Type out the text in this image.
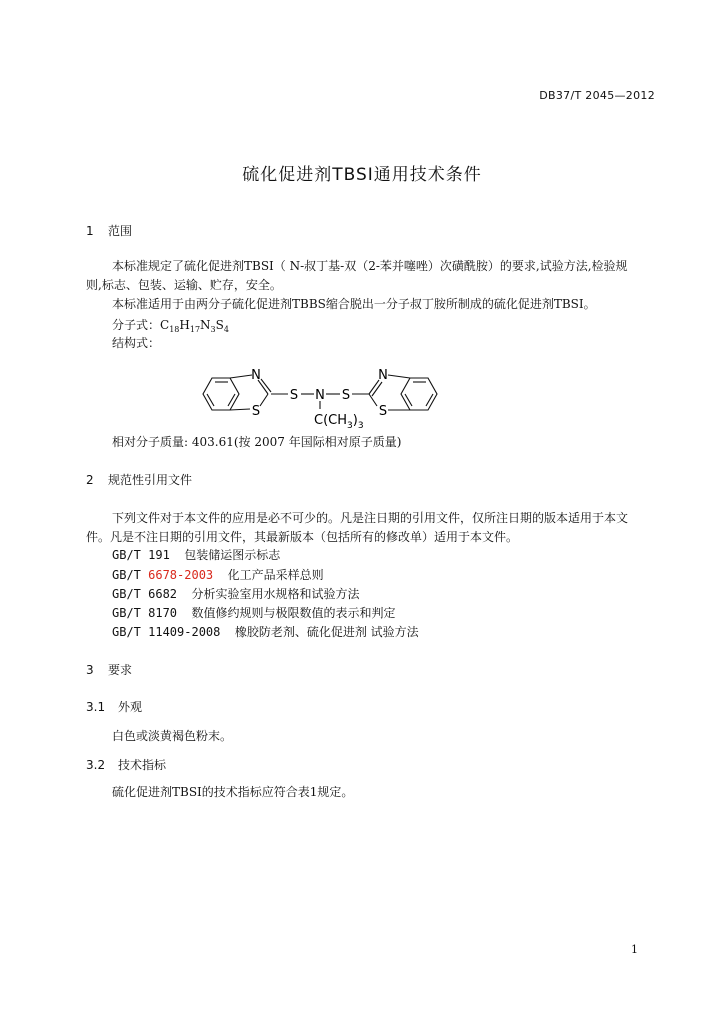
DB37/T 2045—2012
硫化促进剂TBSI通用技术条件
1 范围
本标准规定了硫化促进剂TBSI（ N-叔丁基-双（2-苯并噻唑）次磺酰胺）的要求,试验方法,检验规
则,标志、包装、运输、贮存，安全。
本标准适用于由两分子硫化促进剂TBBS缩合脱出一分子叔丁胺所制成的硫化促进剂TBSI。
分子式：$C_{18}H_{17}N_3S_4$
结构式：
N
S
S N S
N
S
$C(CH_3)_3$
相对分子质量: 403.61(按 2007 年国际相对原子质量)
2 规范性引用文件
下列文件对于本文件的应用是必不可少的。凡是注日期的引用文件，仅所注日期的版本适用于本文
件。凡是不注日期的引用文件，其最新版本（包括所有的修改单）适用于本文件。
GB/T 191 包装储运图示标志
GB/T 6678-2003 化工产品采样总则
GB/T 6682 分析实验室用水规格和试验方法
GB/T 8170 数值修约规则与极限数值的表示和判定
GB/T 11409-2008 橡胶防老剂、硫化促进剂 试验方法
3 要求
3.1 外观
白色或淡黄褐色粉末。
3.2 技术指标
硫化促进剂TBSI的技术指标应符合表1规定。
1
